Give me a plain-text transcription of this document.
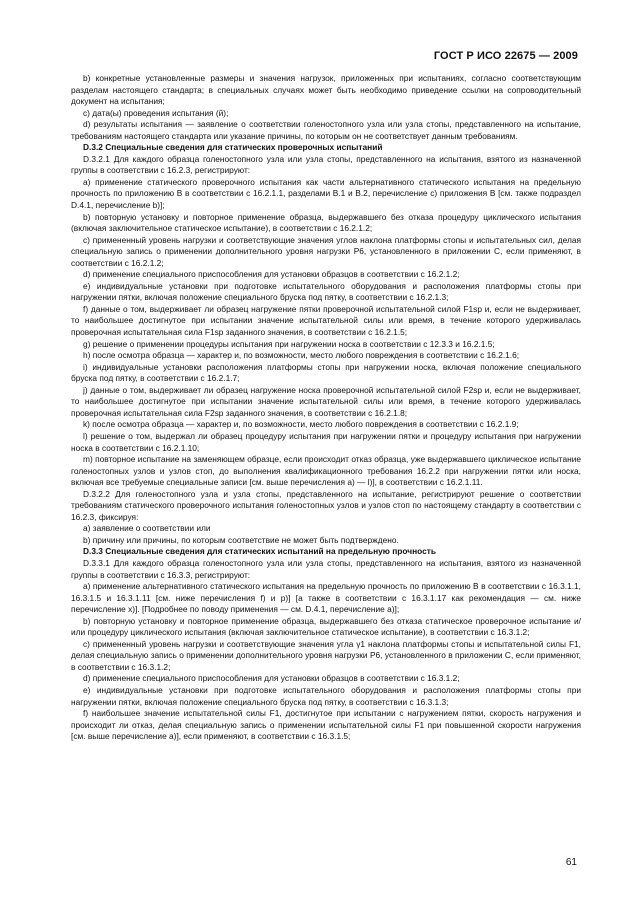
ГОСТ Р ИСО 22675 — 2009

b) конкретные установленные размеры и значения нагрузок, приложенных при испытаниях, согласно соответствующим разделам настоящего стандарта; в специальных случаях может быть необходимо приведение ссылки на сопроводительный документ на испытания;

c) дата(ы) проведения испытания (й);

d) результаты испытания — заявление о соответствии голеностопного узла или узла стопы, представленного на испытание, требованиям настоящего стандарта или указание причины, по которым он не соответствует данным требованиям.

D.3.2 Специальные сведения для статических проверочных испытаний

D.3.2.1 Для каждого образца голеностопного узла или узла стопы, представленного на испытания, взятого из назначенной группы в соответствии с 16.2.3, регистрируют:

a) применение статического проверочного испытания как части альтернативного статического испытания на предельную прочность по приложению В в соответствии с 16.2.1.1, разделами В.1 и В.2, перечисление с) приложения В [см. также подраздел D.4.1, перечисление b)];

b) повторную установку и повторное применение образца, выдержавшего без отказа процедуру циклического испытания (включая заключительное статическое испытание), в соответствии с 16.2.1.2;

c) примененный уровень нагрузки и соответствующие значения углов наклона платформы стопы и испытательных сил, делая специальную запись о применении дополнительного уровня нагрузки Р6, установленного в приложении С, если применяют, в соответствии с 16.2.1.2;

d) применение специального приспособления для установки образцов в соответствии с 16.2.1.2;

e) индивидуальные установки при подготовке испытательного оборудования и расположения платформы стопы при нагружении пятки, включая положение специального бруска под пятку, в соответствии с 16.2.1.3;

f) данные о том, выдерживает ли образец нагружение пятки проверочной испытательной силой F1sp и, если не выдерживает, то наибольшее достигнутое при испытании значение испытательной силы или время, в течение которого удерживалась проверочная испытательная сила F1sp заданного значения, в соответствии с 16.2.1.5;

g) решение о применении процедуры испытания при нагружении носка в соответствии с 12.3.3 и 16.2.1.5;

h) после осмотра образца — характер и, по возможности, место любого повреждения в соответствии с 16.2.1.6;

i) индивидуальные установки расположения платформы стопы при нагружении носка, включая положение специального бруска под пятку, в соответствии с 16.2.1.7;

j) данные о том, выдерживает ли образец нагружение носка проверочной испытательной силой F2sp и, если не выдерживает, то наибольшее достигнутое при испытании значение испытательной силы или время, в течение которого удерживалась проверочная испытательная сила F2sp заданного значения, в соответствии с 16.2.1.8;

k) после осмотра образца — характер и, по возможности, место любого повреждения в соответствии с 16.2.1.9;

l) решение о том, выдержал ли образец процедуру испытания при нагружении пятки и процедуру испытания при нагружении носка в соответствии с 16.2.1.10;

m) повторное испытание на заменяющем образце, если происходит отказ образца, уже выдержавшего циклическое испытание голеностопных узлов и узлов стоп, до выполнения квалификационного требования 16.2.2 при нагружении пятки или носка, включая все требуемые специальные записи [см. выше перечисления a) — l)], в соответствии с 16.2.1.11.

D.3.2.2 Для голеностопного узла и узла стопы, представленного на испытание, регистрируют решение о соответствии требованиям статического проверочного испытания голеностопных узлов и узлов стоп по настоящему стандарту в соответствии с 16.2.3, фиксируя:

a) заявление о соответствии или

b) причину или причины, по которым соответствие не может быть подтверждено.

D.3.3 Специальные сведения для статических испытаний на предельную прочность

D.3.3.1 Для каждого образца голеностопного узла или узла стопы, представленного на испытания, взятого из назначенной группы в соответствии с 16.3.3, регистрируют:

a) применение альтернативного статического испытания на предельную прочность по приложению В в соответствии с 16.3.1.1, 16.3.1.5 и 16.3.1.11 [см. ниже перечисления f) и p)] [а также в соответствии с 16.3.1.17 как рекомендация — см. ниже перечисление х)]. [Подробнее по поводу применения — см. D.4.1, перечисление a)];

b) повторную установку и повторное применение образца, выдержавшего без отказа статическое проверочное испытание и/или процедуру циклического испытания (включая заключительное статическое испытание), в соответствии с 16.3.1.2;

c) примененный уровень нагрузки и соответствующие значения угла γ1 наклона платформы стопы и испытательной силы F1, делая специальную запись о применении дополнительного уровня нагрузки Р6, установленного в приложении С, если применяют, в соответствии с 16.3.1.2;

d) применение специального приспособления для установки образцов в соответствии с 16.3.1.2;

e) индивидуальные установки при подготовке испытательного оборудования и расположения платформы стопы при нагружении пятки, включая положение специального бруска под пятку, в соответствии с 16.3.1.3;

f) наибольшее значение испытательной силы F1, достигнутое при испытании с нагружением пятки, скорость нагружения и происходит ли отказ, делая специальную запись о применении испытательной силы F1 при повышенной скорости нагружения [см. выше перечисление a)], если применяют, в соответствии с 16.3.1.5;

61
